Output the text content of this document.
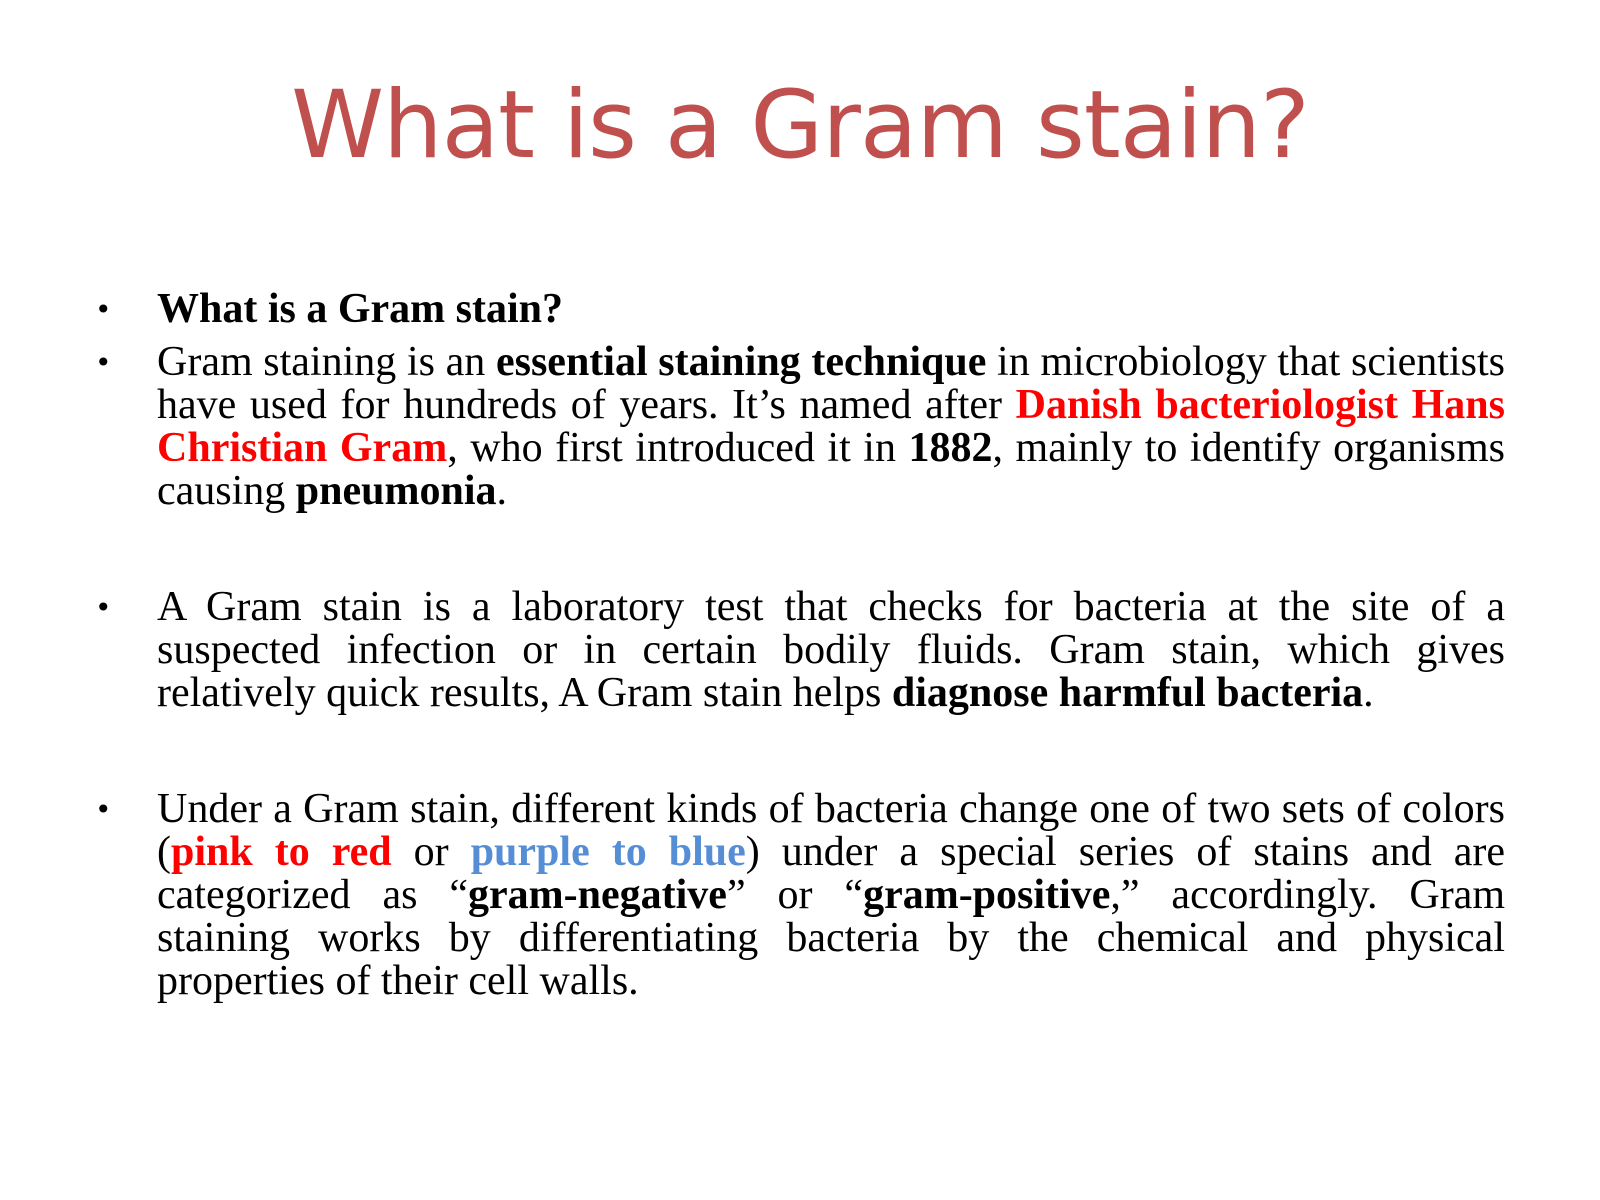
What is a Gram stain?
• What is a Gram stain?
• Gram staining is an essential staining technique in microbiology that scientists have used for hundreds of years. It’s named after Danish bacteriologist Hans Christian Gram, who first introduced it in 1882, mainly to identify organisms causing pneumonia.
• A Gram stain is a laboratory test that checks for bacteria at the site of a suspected infection or in certain bodily fluids. Gram stain, which gives relatively quick results, A Gram stain helps diagnose harmful bacteria.
• Under a Gram stain, different kinds of bacteria change one of two sets of colors (pink to red or purple to blue) under a special series of stains and are categorized as “gram-negative” or “gram-positive,” accordingly. Gram staining works by differentiating bacteria by the chemical and physical properties of their cell walls.
